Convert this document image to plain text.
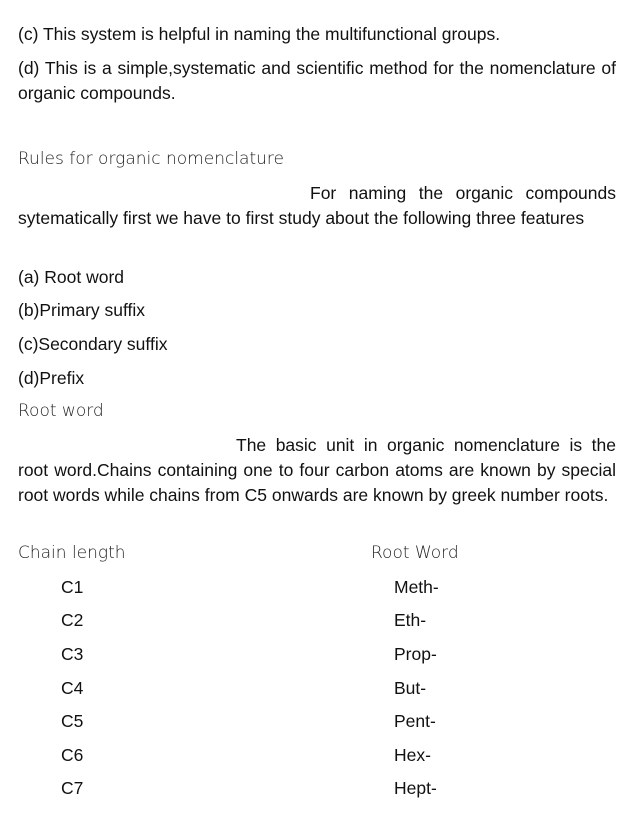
(c) This system is helpful in naming the multifunctional groups.

(d) This is a simple,systematic and scientific method for the nomenclature of organic compounds.

Rules for organic nomenclature

For naming the organic compounds sytematically first we have to first study about the following three features

(a) Root word

(b)Primary suffix

(c)Secondary suffix

(d)Prefix

Root word

The basic unit in organic nomenclature is the root word.Chains containing one to four carbon atoms are known by special root words while chains from C5 onwards are known by greek number roots.

Chain length	Root Word
C1	Meth-
C2	Eth-
C3	Prop-
C4	But-
C5	Pent-
C6	Hex-
C7	Hept-
